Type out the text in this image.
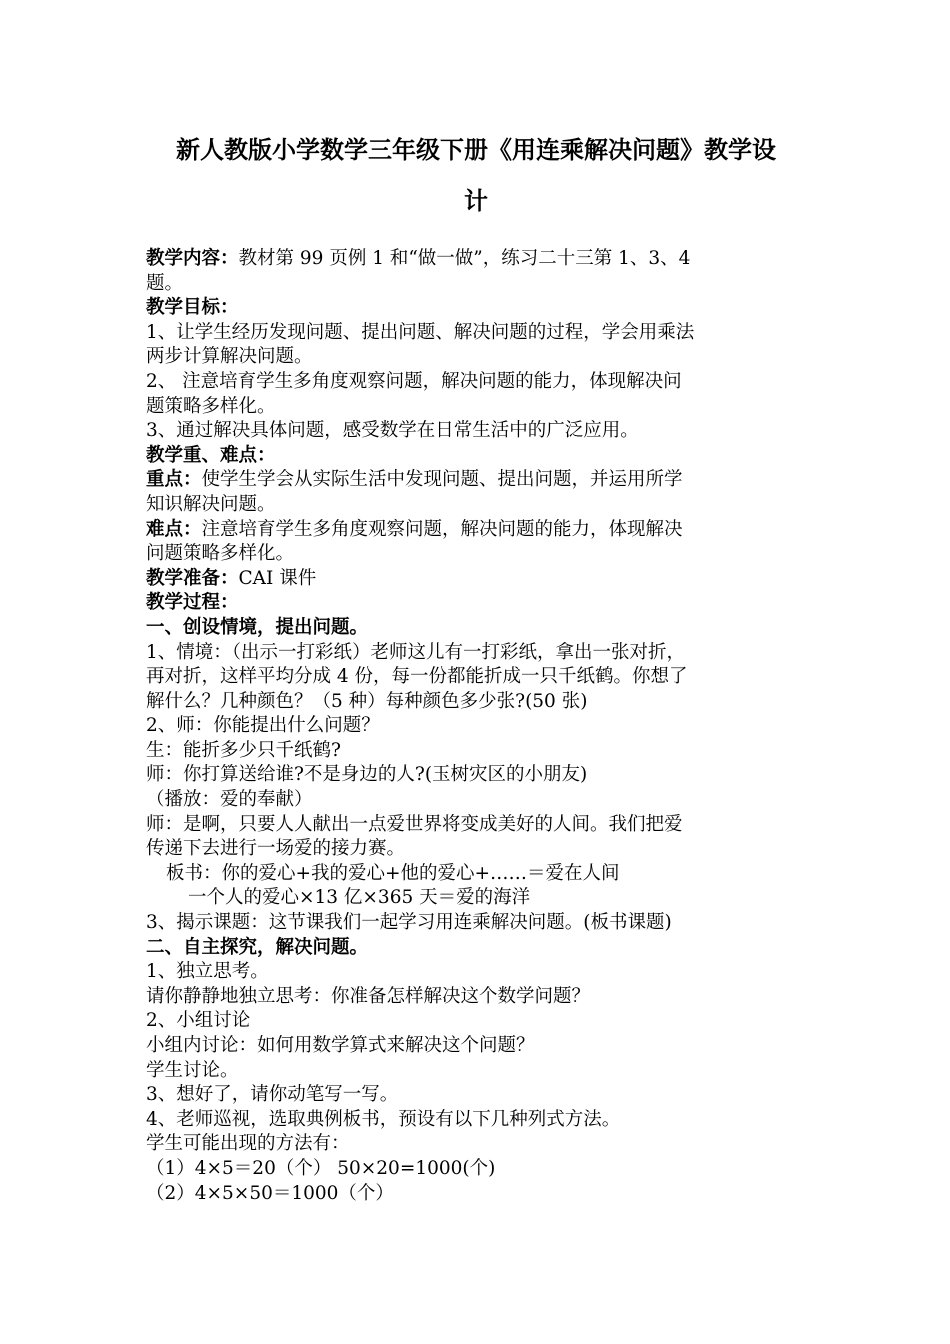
新人教版小学数学三年级下册《用连乘解决问题》教学设
计
教学内容：教材第 99 页例 1 和“做一做”，练习二十三第 1、3、4
题。
教学目标：
1、让学生经历发现问题、提出问题、解决问题的过程，学会用乘法
两步计算解决问题。
2、 注意培育学生多角度观察问题，解决问题的能力，体现解决问
题策略多样化。
3、通过解决具体问题，感受数学在日常生活中的广泛应用。
教学重、难点：
重点：使学生学会从实际生活中发现问题、提出问题，并运用所学
知识解决问题。
难点：注意培育学生多角度观察问题，解决问题的能力，体现解决
问题策略多样化。
教学准备：CAI 课件
教学过程：
一、创设情境，提出问题。
1、情境：（出示一打彩纸）老师这儿有一打彩纸，拿出一张对折，
再对折，这样平均分成 4 份，每一份都能折成一只千纸鹤。你想了
解什么？几种颜色？（5 种）每种颜色多少张?(50 张)
2、师：你能提出什么问题？
生：能折多少只千纸鹤?
师：你打算送给谁?不是身边的人?(玉树灾区的小朋友)
（播放：爱的奉献）
师：是啊，只要人人献出一点爱世界将变成美好的人间。我们把爱
传递下去进行一场爱的接力赛。
板书：你的爱心+我的爱心+他的爱心+……＝爱在人间
一个人的爱心×13 亿×365 天＝爱的海洋
3、揭示课题：这节课我们一起学习用连乘解决问题。(板书课题)
二、自主探究，解决问题。
1、独立思考。
请你静静地独立思考：你准备怎样解决这个数学问题？
2、小组讨论
小组内讨论：如何用数学算式来解决这个问题？
学生讨论。
3、想好了，请你动笔写一写。
4、老师巡视，选取典例板书，预设有以下几种列式方法。
学生可能出现的方法有：
（1）4×5＝20（个） 50×20=1000(个)
（2）4×5×50＝1000（个）
